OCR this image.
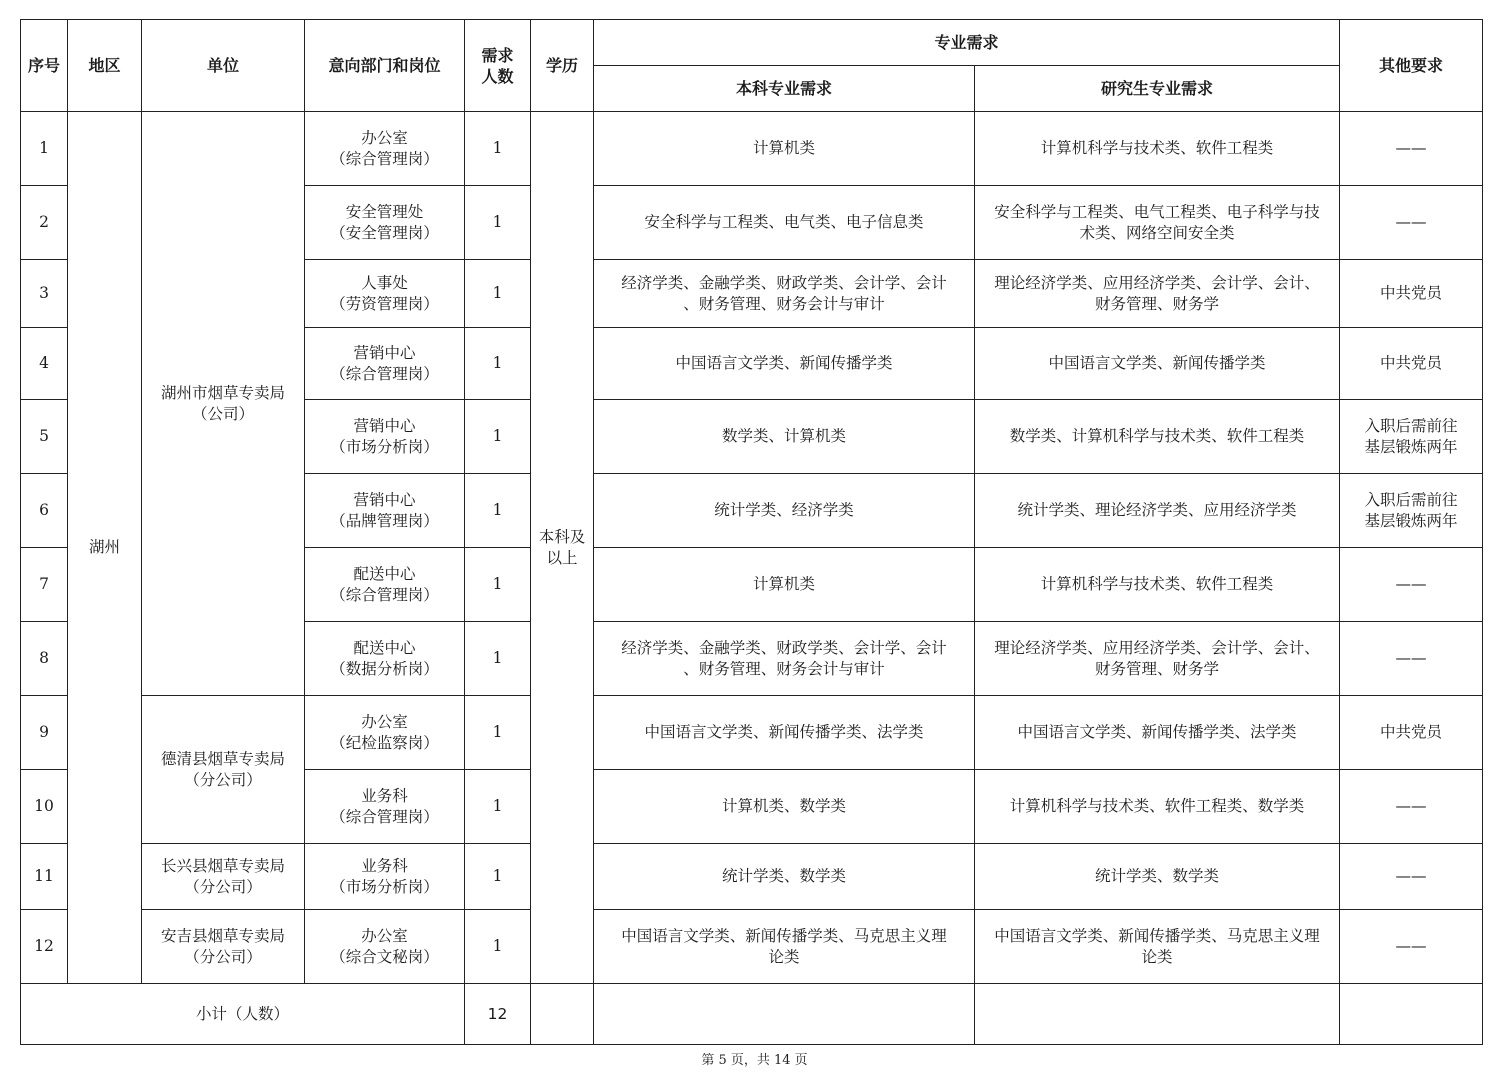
序号	地区	单位	意向部门和岗位	需求人数	学历	专业需求		其他要求
						本科专业需求	研究生专业需求	
1	湖州	湖州市烟草专卖局
（公司）	办公室
（综合管理岗）	1	本科及
以上	计算机类	计算机科学与技术类、软件工程类	——

2			安全管理处
（安全管理岗）	1		安全科学与工程类、电气类、电子信息类	安全科学与工程类、电气工程类、电子科学与技
术类、网络空间安全类	——

3			人事处
（劳资管理岗）	1		经济学类、金融学类、财政学类、会计学、会计
、财务管理、财务会计与审计	理论经济学类、应用经济学类、会计学、会计、
财务管理、财务学	中共党员

4			营销中心
（综合管理岗）	1		中国语言文学类、新闻传播学类	中国语言文学类、新闻传播学类	中共党员

5			营销中心
（市场分析岗）	1		数学类、计算机类	数学类、计算机科学与技术类、软件工程类	入职后需前往
基层锻炼两年

6			营销中心
（品牌管理岗）	1		统计学类、经济学类	统计学类、理论经济学类、应用经济学类	入职后需前往
基层锻炼两年

7			配送中心
（综合管理岗）	1		计算机类	计算机科学与技术类、软件工程类	——

8			配送中心
（数据分析岗）	1		经济学类、金融学类、财政学类、会计学、会计
、财务管理、财务会计与审计	理论经济学类、应用经济学类、会计学、会计、
财务管理、财务学	——

9		德清县烟草专卖局
（分公司）	办公室
（纪检监察岗）	1		中国语言文学类、新闻传播学类、法学类	中国语言文学类、新闻传播学类、法学类	中共党员

10			业务科
（综合管理岗）	1		计算机类、数学类	计算机科学与技术类、软件工程类、数学类	——

11		长兴县烟草专卖局
（分公司）	业务科
（市场分析岗）	1		统计学类、数学类	统计学类、数学类	——

12		安吉县烟草专卖局
（分公司）	办公室
（综合文秘岗）	1		中国语言文学类、新闻传播学类、马克思主义理
论类	中国语言文学类、新闻传播学类、马克思主义理
论类	——

小计（人数）				12				
第 5 页，共 14 页
